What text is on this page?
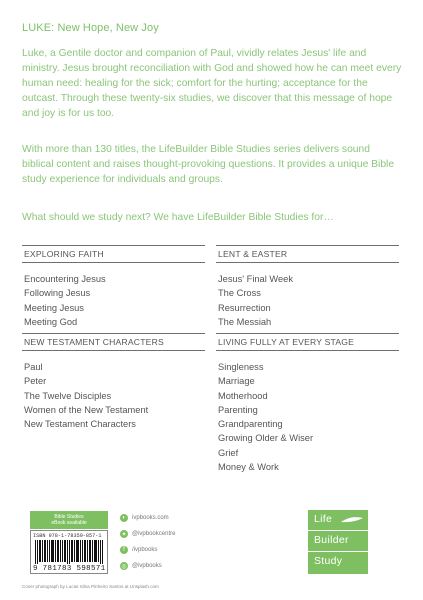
LUKE: New Hope, New Joy

Luke, a Gentile doctor and companion of Paul, vividly relates Jesus' life and ministry. Jesus brought reconciliation with God and showed how he can meet every human need: healing for the sick; comfort for the hurting; acceptance for the outcast. Through these twenty-six studies, we discover that this message of hope and joy is for us too.

With more than 130 titles, the LifeBuilder Bible Studies series delivers sound biblical content and raises thought-provoking questions. It provides a unique Bible study experience for individuals and groups.

What should we study next? We have LifeBuilder Bible Studies for…

EXPLORING FAITH
Encountering Jesus
Following Jesus
Meeting Jesus
Meeting God
LENT & EASTER
Jesus' Final Week
The Cross
Resurrection
The Messiah
NEW TESTAMENT CHARACTERS
Paul
Peter
The Twelve Disciples
Women of the New Testament
New Testament Characters
LIVING FULLY AT EVERY STAGE
Singleness
Marriage
Motherhood
Parenting
Grandparenting
Growing Older & Wiser
Grief
Money & Work
Bible Studies
eBook available
ISBN 978-1-78359-857-1
9 781783 598571
◐	ivpbooks.com
✦ @ivpbookcentre
f	/ivpbooks
◎ @ivpbooks
Life
Builder
Study
Cover photograph by Lucas Silva Pinheiro Santos at Unsplash.com
